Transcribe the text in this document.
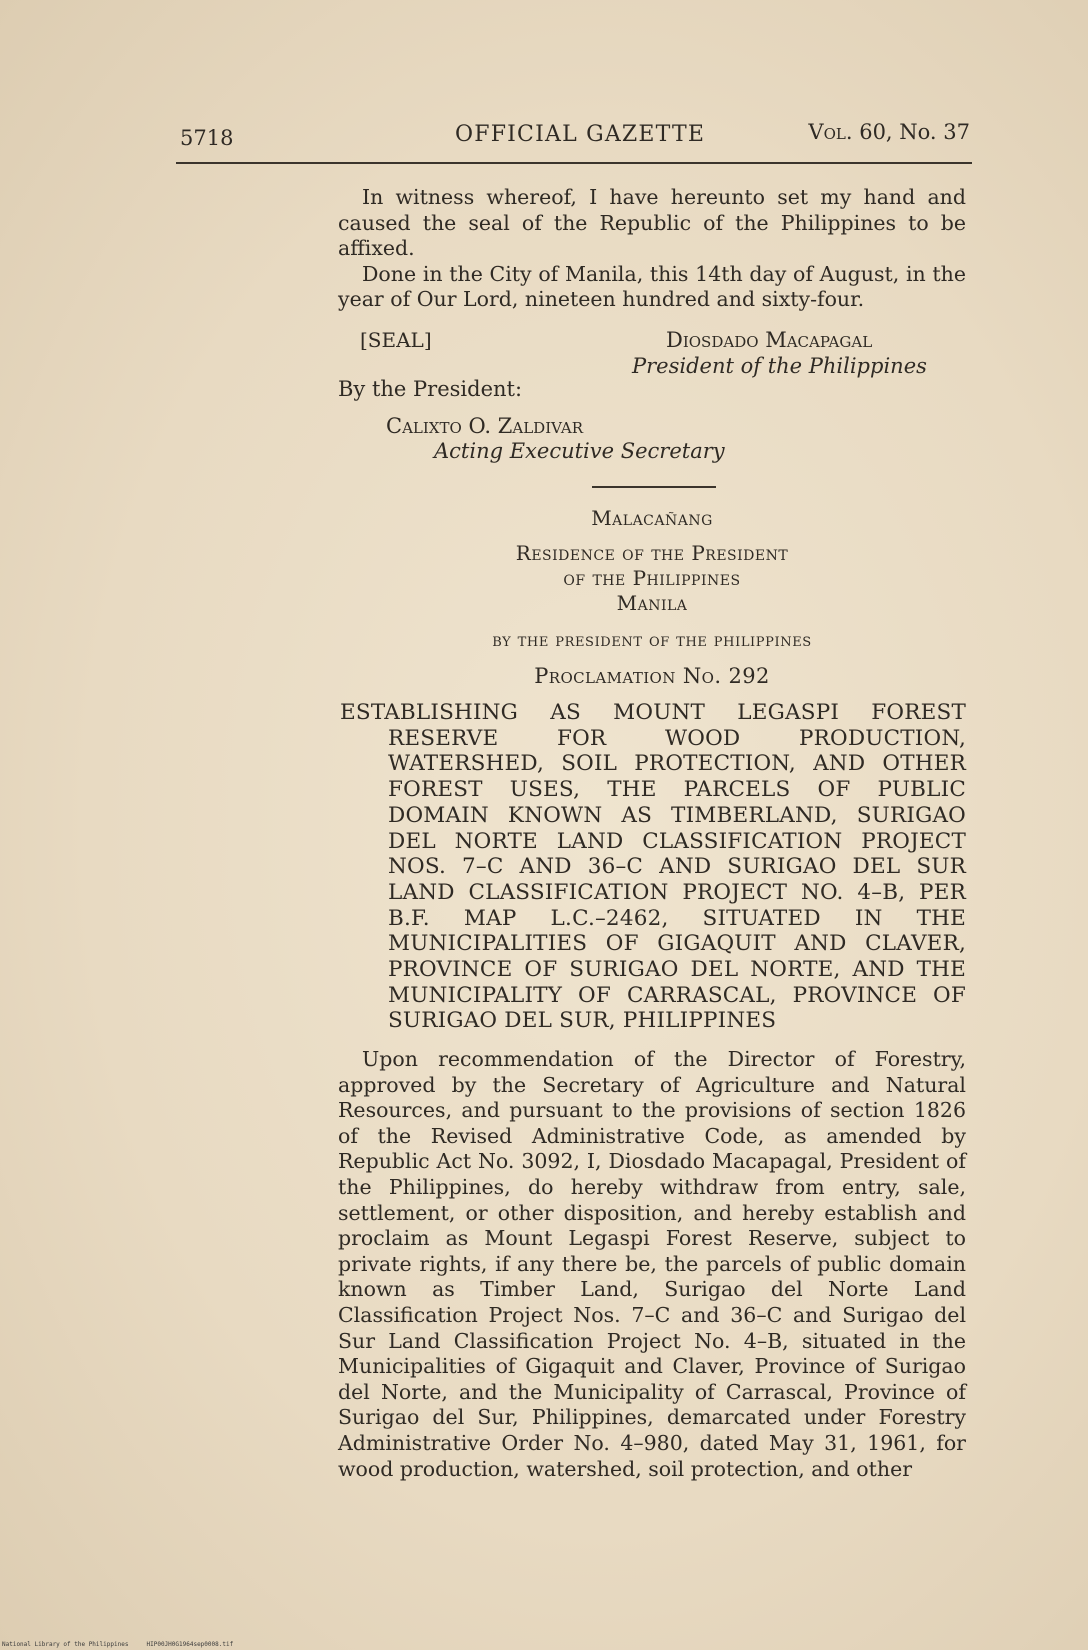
5718	OFFICIAL GAZETTE	Vol. 60, No. 37

In witness whereof, I have hereunto set my hand and caused the seal of the Republic of the Philippines to be affixed.

Done in the City of Manila, this 14th day of August, in the year of Our Lord, nineteen hundred and sixty-four.

[SEAL]	Diosdado Macapagal
President of the Philippines
By the President:
Calixto O. Zaldivar
Acting Executive Secretary
Malacañang
Residence of the President
of the Philippines
Manila
by the president of the philippines
Proclamation No. 292

ESTABLISHING AS MOUNT LEGASPI FOREST RESERVE FOR WOOD PRODUCTION, WATERSHED, SOIL PROTECTION, AND OTHER FOREST USES, THE PARCELS OF PUBLIC DOMAIN KNOWN AS TIMBERLAND, SURIGAO DEL NORTE LAND CLASSIFICATION PROJECT NOS. 7–C AND 36–C AND SURIGAO DEL SUR LAND CLASSIFICATION PROJECT NO. 4–B, PER B.F. MAP L.C.–2462, SITUATED IN THE MUNICIPALITIES OF GIGAQUIT AND CLAVER, PROVINCE OF SURIGAO DEL NORTE, AND THE MUNICIPALITY OF CARRASCAL, PROVINCE OF SURIGAO DEL SUR, PHILIPPINES

Upon recommendation of the Director of Forestry, approved by the Secretary of Agriculture and Natural Resources, and pursuant to the provisions of section 1826 of the Revised Administrative Code, as amended by Republic Act No. 3092, I, Diosdado Macapagal, President of the Philippines, do hereby withdraw from entry, sale, settlement, or other disposition, and hereby establish and proclaim as Mount Legaspi Forest Reserve, subject to private rights, if any there be, the parcels of public domain known as Timber Land, Surigao del Norte Land Classification Project Nos. 7–C and 36–C and Surigao del Sur Land Classification Project No. 4–B, situated in the Municipalities of Gigaquit and Claver, Province of Surigao del Norte, and the Municipality of Carrascal, Province of Surigao del Sur, Philippines, demarcated under Forestry Administrative Order No. 4–980, dated May 31, 1961, for wood production, watershed, soil protection, and other

National Library of the Philippines	HIP00JH0G1964sep0008.tif
